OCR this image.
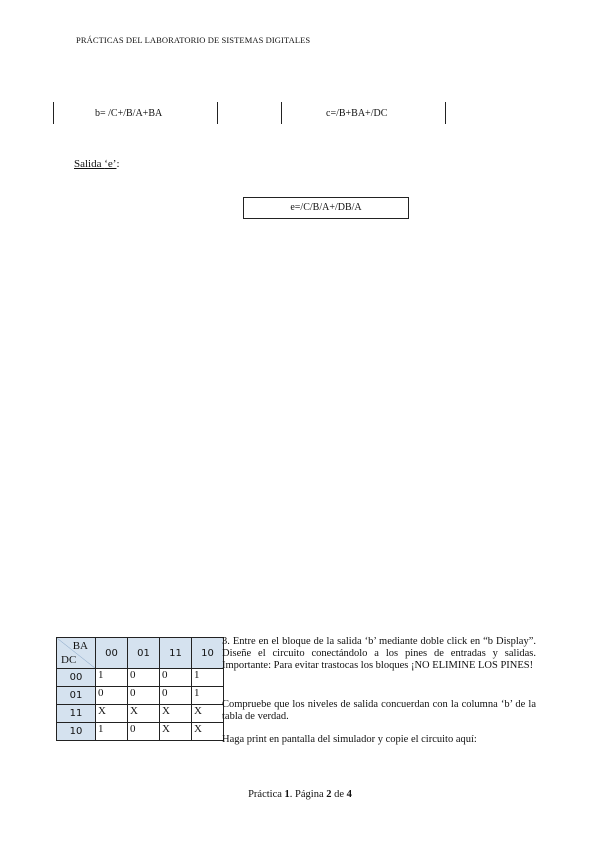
PRÁCTICAS DEL LABORATORIO DE SISTEMAS DIGITALES
b= /C+/B/A+BA	c=/B+BA+/DC
Salida ‘e’:
e=/C/B/A+/DB/A
BA
DC	00	01	11	10
00	1	0	0	1
01	0	0	0	1
11	X	X	X	X
10	1	0	X	X
3. Entre en el bloque de la salida ‘b’ mediante doble click en “b Display”. Diseñe el circuito conectándolo a los pines de entradas y salidas. Importante: Para evitar trastocas los bloques ¡NO ELIMINE LOS PINES!
Compruebe que los niveles de salida concuerdan con la columna ‘b’ de la tabla de verdad.
Haga print en pantalla del simulador y copie el circuito aquí:
Práctica 1. Página 2 de 4
